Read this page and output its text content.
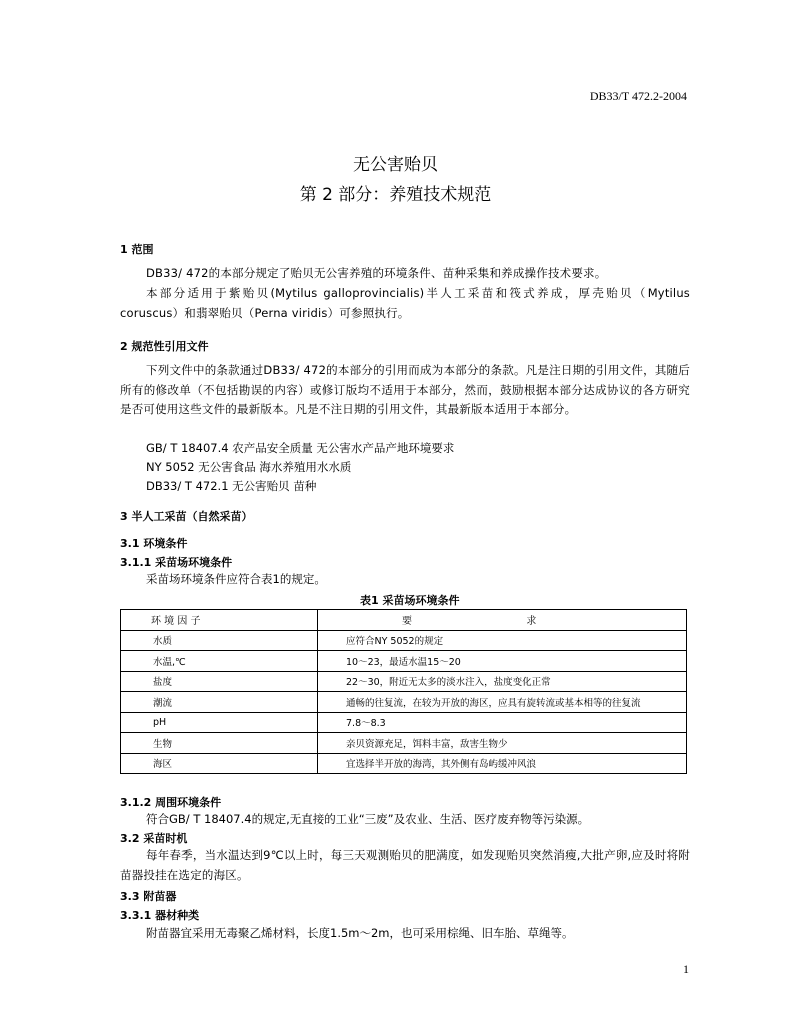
DB33/T 472.2-2004
无公害贻贝
第 2 部分：养殖技术规范
1 范围
DB33/ 472的本部分规定了贻贝无公害养殖的环境条件、苗种采集和养成操作技术要求。
本部分适用于紫贻贝(Mytilus galloprovincialis)半人工采苗和筏式养成，厚壳贻贝（Mytilus coruscus）和翡翠贻贝（Perna viridis）可参照执行。
2 规范性引用文件
下列文件中的条款通过DB33/ 472的本部分的引用而成为本部分的条款。凡是注日期的引用文件，其随后所有的修改单（不包括勘误的内容）或修订版均不适用于本部分，然而，鼓励根据本部分达成协议的各方研究是否可使用这些文件的最新版本。凡是不注日期的引用文件，其最新版本适用于本部分。
GB/ T 18407.4 农产品安全质量 无公害水产品产地环境要求
NY 5052 无公害食品 海水养殖用水水质
DB33/ T 472.1 无公害贻贝 苗种
3 半人工采苗（自然采苗）
3.1 环境条件
3.1.1 采苗场环境条件
采苗场环境条件应符合表1的规定。
表1 采苗场环境条件
环 境 因 子	要                                    求
水质	应符合NY 5052的规定
水温,℃	10～23，最适水温15～20
盐度	22～30，附近无太多的淡水注入，盐度变化正常
潮流	通畅的往复流，在较为开放的海区，应具有旋转流或基本相等的往复流
pH	7.8～8.3
生物	亲贝资源充足，饵料丰富，敌害生物少
海区	宜选择半开放的海湾，其外侧有岛屿缓冲风浪
3.1.2 周围环境条件
符合GB/ T 18407.4的规定,无直接的工业“三废”及农业、生活、医疗废弃物等污染源。
3.2 采苗时机
每年春季，当水温达到9℃以上时，每三天观测贻贝的肥满度，如发现贻贝突然消瘦,大批产卵,应及时将附苗器投挂在选定的海区。
3.3 附苗器
3.3.1 器材种类
附苗器宜采用无毒聚乙烯材料，长度1.5m～2m，也可采用棕绳、旧车胎、草绳等。
1
